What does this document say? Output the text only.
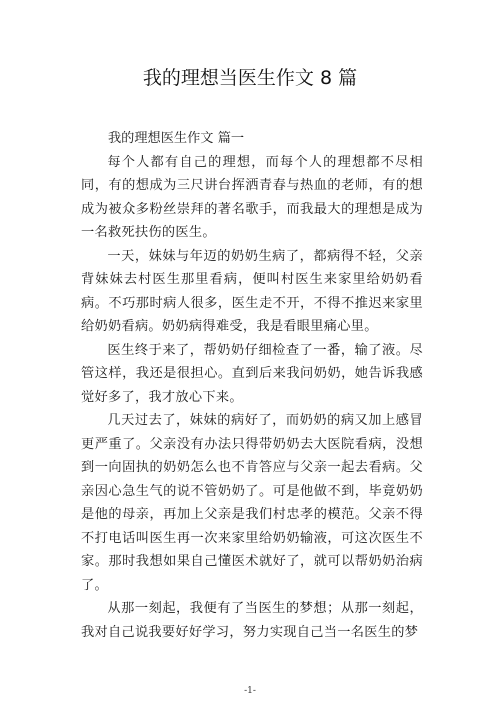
我的理想当医生作文 8 篇
我的理想医生作文 篇一

每个人都有自己的理想，而每个人的理想都不尽相同，有的想成为三尺讲台挥洒青春与热血的老师，有的想成为被众多粉丝崇拜的著名歌手，而我最大的理想是成为一名救死扶伤的医生。

一天，妹妹与年迈的奶奶生病了，都病得不轻，父亲背妹妹去村医生那里看病，便叫村医生来家里给奶奶看病。不巧那时病人很多，医生走不开，不得不推迟来家里给奶奶看病。奶奶病得难受，我是看眼里痛心里。

医生终于来了，帮奶奶仔细检查了一番，输了液。尽管这样，我还是很担心。直到后来我问奶奶，她告诉我感觉好多了，我才放心下来。

几天过去了，妹妹的病好了，而奶奶的病又加上感冒更严重了。父亲没有办法只得带奶奶去大医院看病，没想到一向固执的奶奶怎么也不肯答应与父亲一起去看病。父亲因心急生气的说不管奶奶了。可是他做不到，毕竟奶奶是他的母亲，再加上父亲是我们村忠孝的模范。父亲不得不打电话叫医生再一次来家里给奶奶输液，可这次医生不家。那时我想如果自己懂医术就好了，就可以帮奶奶治病了。

从那一刻起，我便有了当医生的梦想；从那一刻起，我对自己说我要好好学习，努力实现自己当一名医生的梦

-1-
